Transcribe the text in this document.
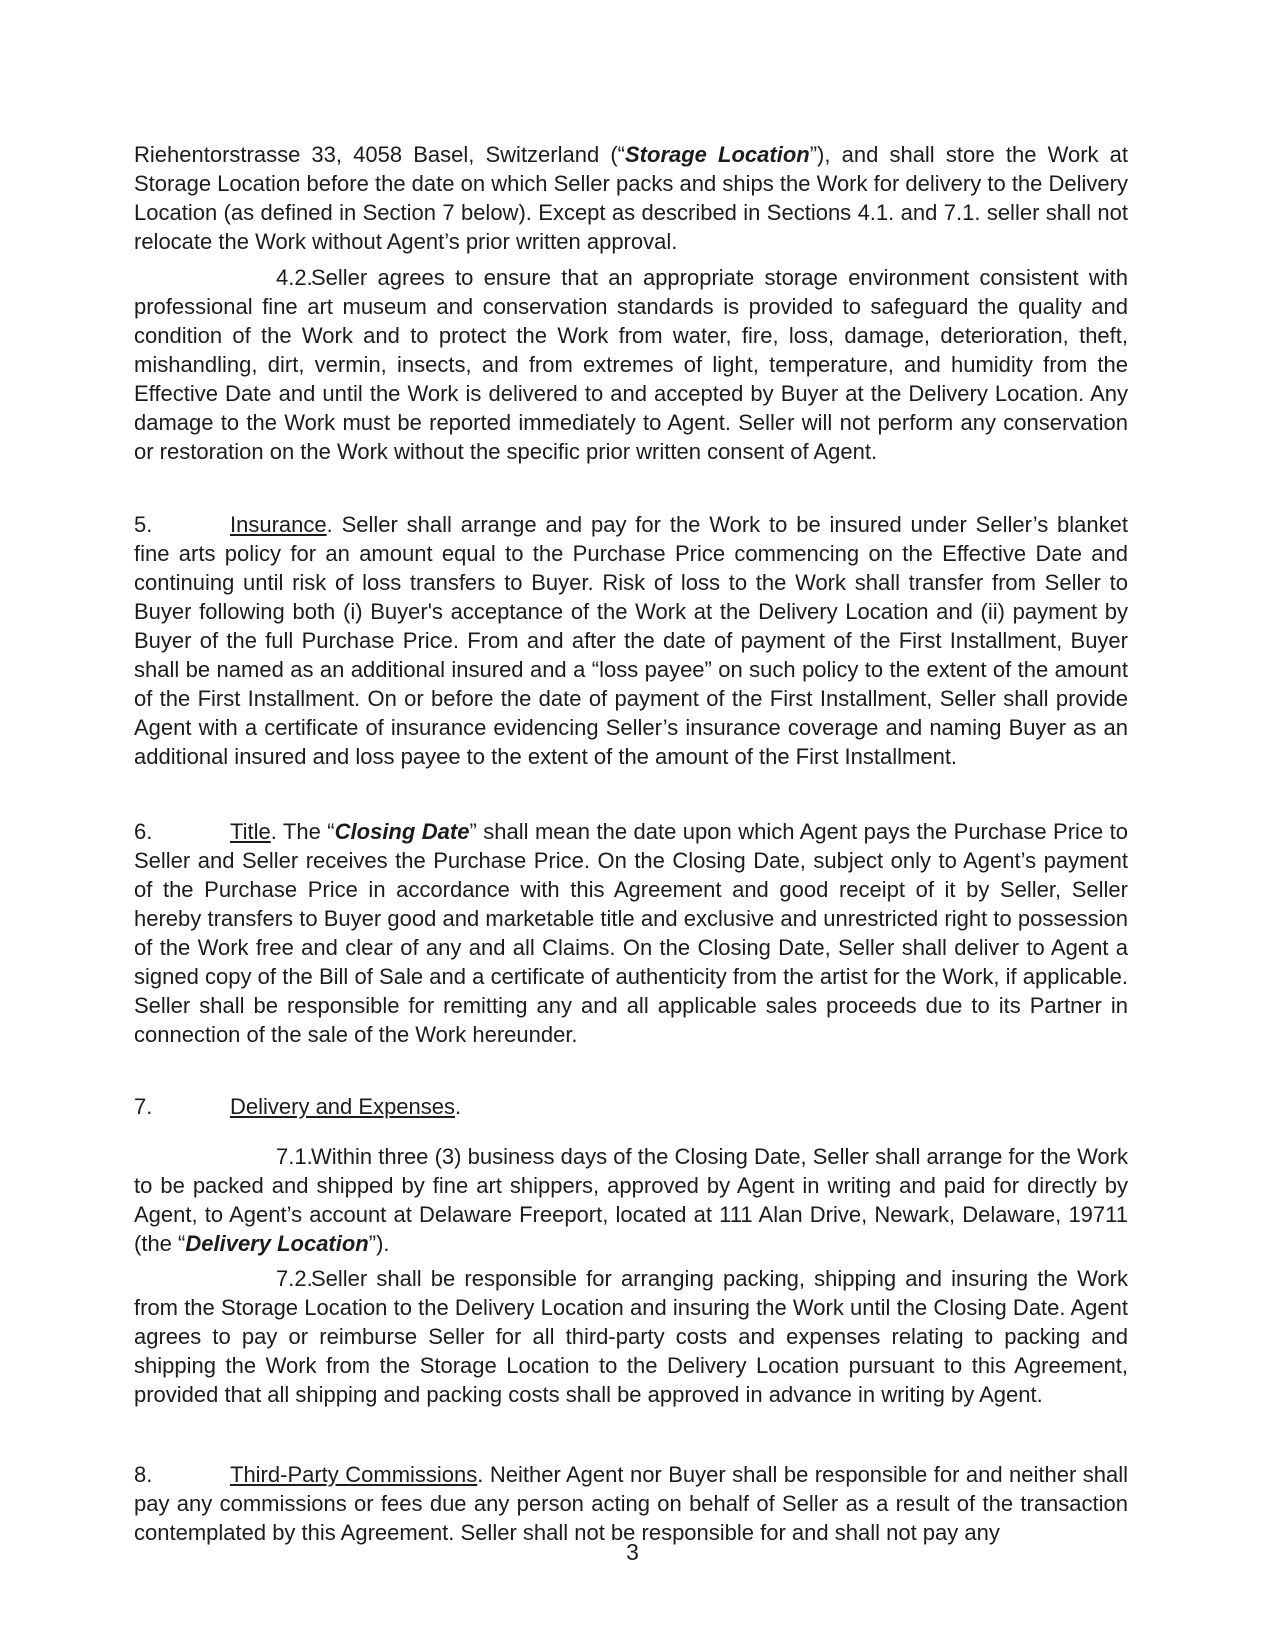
Riehentorstrasse 33, 4058 Basel, Switzerland (“Storage Location”), and shall store the Work at Storage Location before the date on which Seller packs and ships the Work for delivery to the Delivery Location (as defined in Section 7 below). Except as described in Sections 4.1. and 7.1. seller shall not relocate the Work without Agent’s prior written approval.

4.2.Seller agrees to ensure that an appropriate storage environment consistent with professional fine art museum and conservation standards is provided to safeguard the quality and condition of the Work and to protect the Work from water, fire, loss, damage, deterioration, theft, mishandling, dirt, vermin, insects, and from extremes of light, temperature, and humidity from the Effective Date and until the Work is delivered to and accepted by Buyer at the Delivery Location. Any damage to the Work must be reported immediately to Agent. Seller will not perform any conservation or restoration on the Work without the specific prior written consent of Agent.

5.	Insurance. Seller shall arrange and pay for the Work to be insured under Seller’s blanket fine arts policy for an amount equal to the Purchase Price commencing on the Effective Date and continuing until risk of loss transfers to Buyer. Risk of loss to the Work shall transfer from Seller to Buyer following both (i) Buyer's acceptance of the Work at the Delivery Location and (ii) payment by Buyer of the full Purchase Price. From and after the date of payment of the First Installment, Buyer shall be named as an additional insured and a “loss payee” on such policy to the extent of the amount of the First Installment. On or before the date of payment of the First Installment, Seller shall provide Agent with a certificate of insurance evidencing Seller’s insurance coverage and naming Buyer as an additional insured and loss payee to the extent of the amount of the First Installment.

6.	Title. The “Closing Date” shall mean the date upon which Agent pays the Purchase Price to Seller and Seller receives the Purchase Price. On the Closing Date, subject only to Agent’s payment of the Purchase Price in accordance with this Agreement and good receipt of it by Seller, Seller hereby transfers to Buyer good and marketable title and exclusive and unrestricted right to possession of the Work free and clear of any and all Claims. On the Closing Date, Seller shall deliver to Agent a signed copy of the Bill of Sale and a certificate of authenticity from the artist for the Work, if applicable. Seller shall be responsible for remitting any and all applicable sales proceeds due to its Partner in connection of the sale of the Work hereunder.

7.	Delivery and Expenses.

7.1.Within three (3) business days of the Closing Date, Seller shall arrange for the Work to be packed and shipped by fine art shippers, approved by Agent in writing and paid for directly by Agent, to Agent’s account at Delaware Freeport, located at 111 Alan Drive, Newark, Delaware, 19711 (the “Delivery Location”).

7.2.Seller shall be responsible for arranging packing, shipping and insuring the Work from the Storage Location to the Delivery Location and insuring the Work until the Closing Date. Agent agrees to pay or reimburse Seller for all third-party costs and expenses relating to packing and shipping the Work from the Storage Location to the Delivery Location pursuant to this Agreement, provided that all shipping and packing costs shall be approved in advance in writing by Agent.

8.	Third-Party Commissions. Neither Agent nor Buyer shall be responsible for and neither shall pay any commissions or fees due any person acting on behalf of Seller as a result of the transaction contemplated by this Agreement. Seller shall not be responsible for and shall not pay any

3
